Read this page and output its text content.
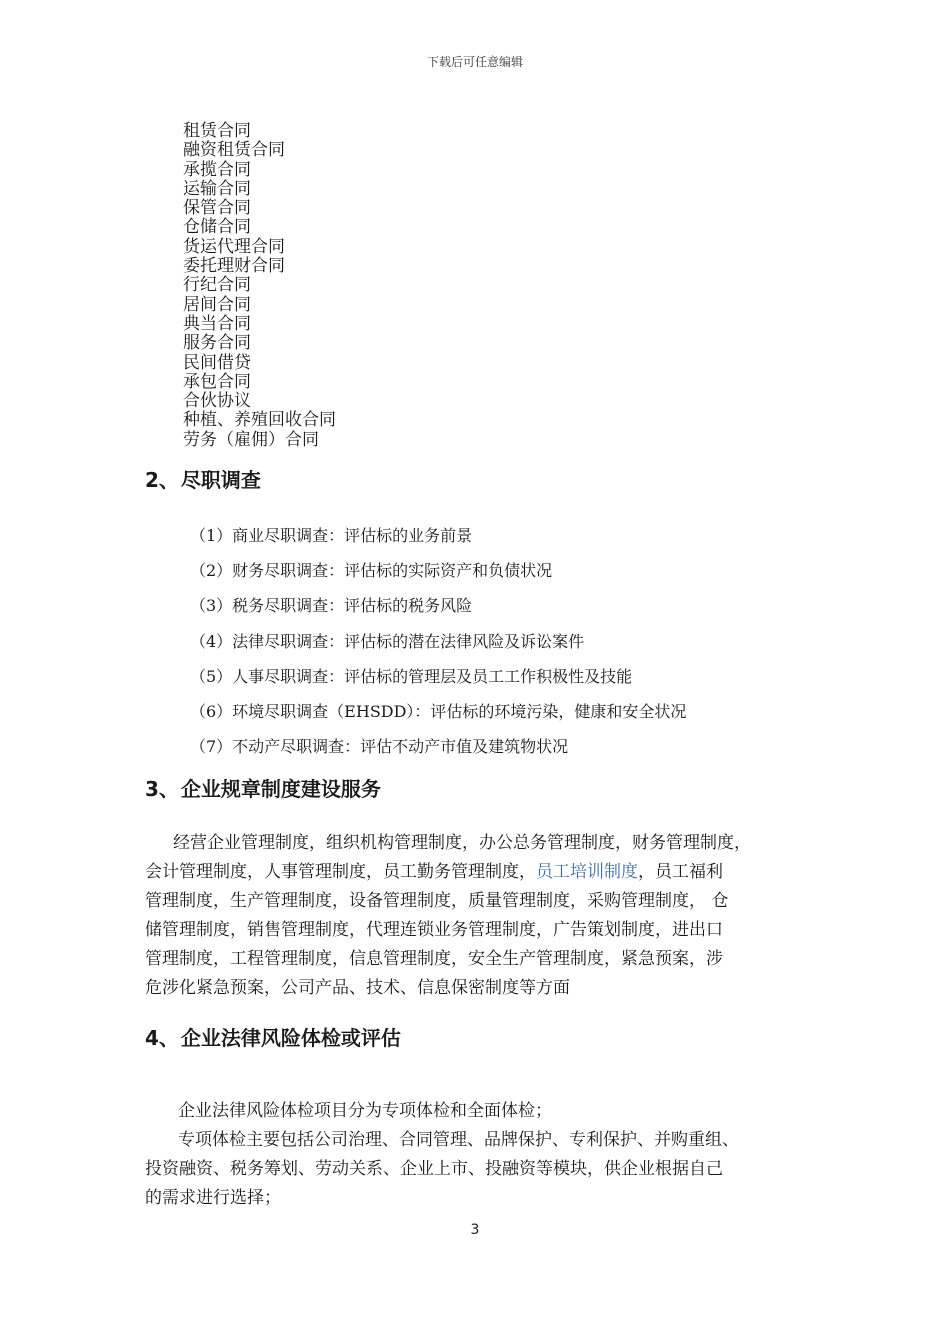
下载后可任意编辑
租赁合同
融资租赁合同
承揽合同
运输合同
保管合同
仓储合同
货运代理合同
委托理财合同
行纪合同
居间合同
典当合同
服务合同
民间借贷
承包合同
合伙协议
种植、养殖回收合同
劳务（雇佣）合同
2、 尽职调查
（1）商业尽职调查：评估标的业务前景
（2）财务尽职调查：评估标的实际资产和负债状况
（3）税务尽职调查：评估标的税务风险
（4）法律尽职调查：评估标的潜在法律风险及诉讼案件
（5）人事尽职调查：评估标的管理层及员工工作积极性及技能
（6）环境尽职调查（EHSDD）：评估标的环境污染，健康和安全状况
（7）不动产尽职调查：评估不动产市值及建筑物状况
3、 企业规章制度建设服务
经营企业管理制度，组织机构管理制度，办公总务管理制度，财务管理制度，
会计管理制度，人事管理制度，员工勤务管理制度，员工培训制度，员工福利
管理制度，生产管理制度，设备管理制度，质量管理制度，采购管理制度， 仓
储管理制度，销售管理制度，代理连锁业务管理制度，广告策划制度，进出口
管理制度，工程管理制度，信息管理制度，安全生产管理制度，紧急预案，涉
危涉化紧急预案，公司产品、技术、信息保密制度等方面
4、 企业法律风险体检或评估
企业法律风险体检项目分为专项体检和全面体检；
专项体检主要包括公司治理、合同管理、品牌保护、专利保护、并购重组、
投资融资、税务筹划、劳动关系、企业上市、投融资等模块，供企业根据自己
的需求进行选择；
3
